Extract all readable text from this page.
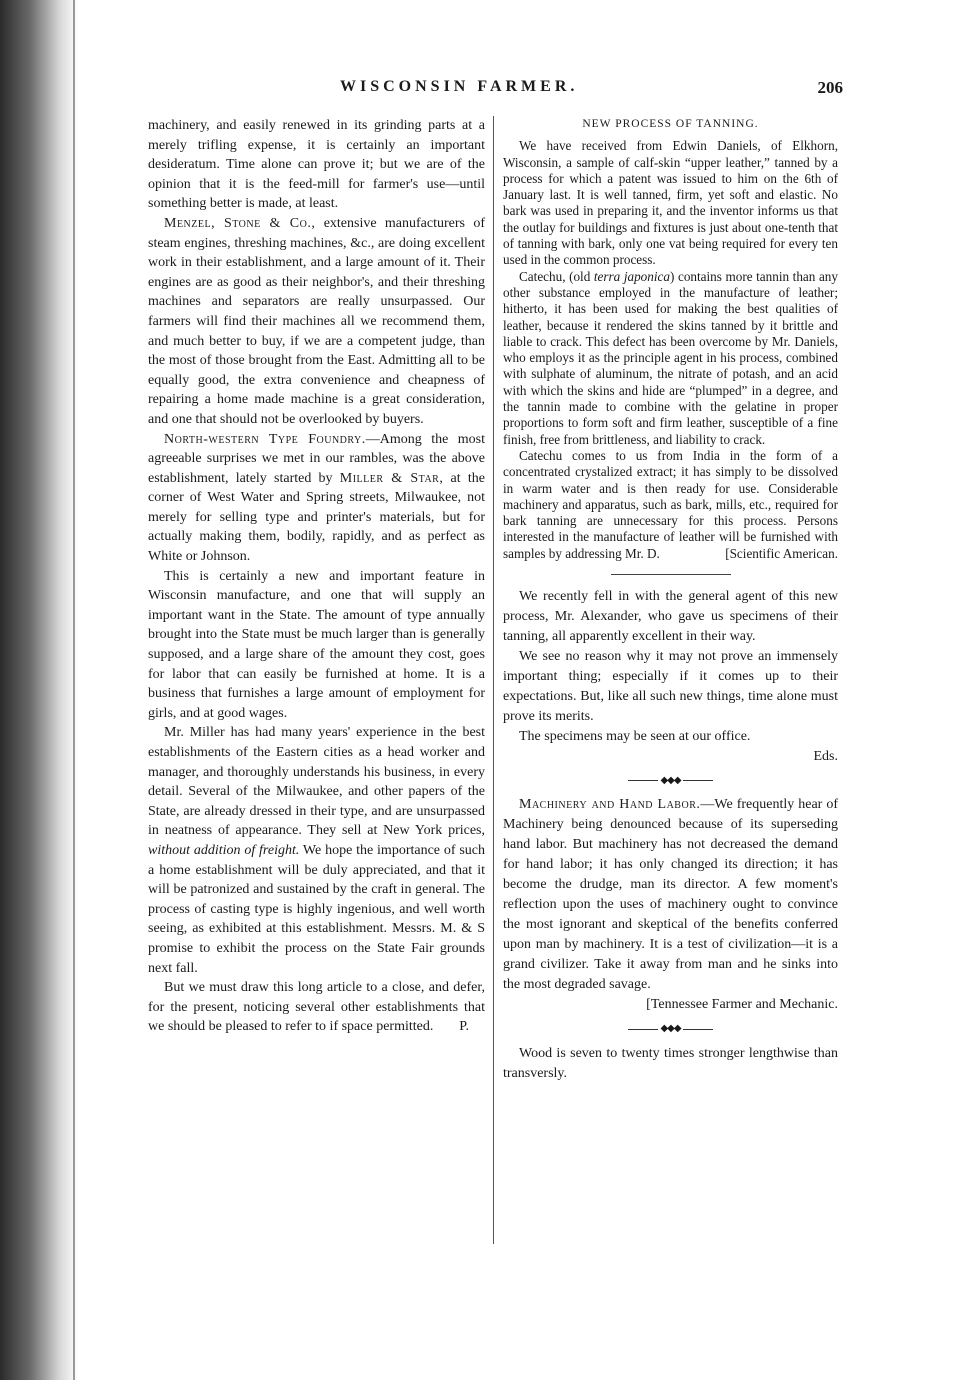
WISCONSIN FARMER.	206

machinery, and easily renewed in its grinding parts at a merely trifling expense, it is certainly an important desideratum. Time alone can prove it; but we are of the opinion that it is the feed-mill for farmer's use—until something better is made, at least.

Menzel, Stone & Co., extensive manufacturers of steam engines, threshing machines, &c., are doing excellent work in their establishment, and a large amount of it. Their engines are as good as their neighbor's, and their threshing machines and separators are really unsurpassed. Our farmers will find their machines all we recommend them, and much better to buy, if we are a competent judge, than the most of those brought from the East. Admitting all to be equally good, the extra convenience and cheapness of repairing a home made machine is a great consideration, and one that should not be overlooked by buyers.

North-western Type Foundry.—Among the most agreeable surprises we met in our rambles, was the above establishment, lately started by Miller & Star, at the corner of West Water and Spring streets, Milwaukee, not merely for selling type and printer's materials, but for actually making them, bodily, rapidly, and as perfect as White or Johnson.

This is certainly a new and important feature in Wisconsin manufacture, and one that will supply an important want in the State. The amount of type annually brought into the State must be much larger than is generally supposed, and a large share of the amount they cost, goes for labor that can easily be furnished at home. It is a business that furnishes a large amount of employment for girls, and at good wages.

Mr. Miller has had many years' experience in the best establishments of the Eastern cities as a head worker and manager, and thoroughly understands his business, in every detail. Several of the Milwaukee, and other papers of the State, are already dressed in their type, and are unsurpassed in neatness of appearance. They sell at New York prices, without addition of freight. We hope the importance of such a home establishment will be duly appreciated, and that it will be patronized and sustained by the craft in general. The process of casting type is highly ingenious, and well worth seeing, as exhibited at this establishment. Messrs. M. & S promise to exhibit the process on the State Fair grounds next fall.

But we must draw this long article to a close, and defer, for the present, noticing several other establishments that we should be pleased to refer to if space permitted.	P.

NEW PROCESS OF TANNING.

We have received from Edwin Daniels, of Elkhorn, Wisconsin, a sample of calf-skin “upper leather,” tanned by a process for which a patent was issued to him on the 6th of January last. It is well tanned, firm, yet soft and elastic. No bark was used in preparing it, and the inventor informs us that the outlay for buildings and fixtures is just about one-tenth that of tanning with bark, only one vat being required for every ten used in the common process.

Catechu, (old terra japonica) contains more tannin than any other substance employed in the manufacture of leather; hitherto, it has been used for making the best qualities of leather, because it rendered the skins tanned by it brittle and liable to crack. This defect has been overcome by Mr. Daniels, who employs it as the principle agent in his process, combined with sulphate of aluminum, the nitrate of potash, and an acid with which the skins and hide are “plumped” in a degree, and the tannin made to combine with the gelatine in proper proportions to form soft and firm leather, susceptible of a fine finish, free from brittleness, and liability to crack.

Catechu comes to us from India in the form of a concentrated crystalized extract; it has simply to be dissolved in warm water and is then ready for use. Considerable machinery and apparatus, such as bark, mills, etc., required for bark tanning are unnecessary for this process. Persons interested in the manufacture of leather will be furnished with samples by addressing Mr. D.	[Scientific American.

We recently fell in with the general agent of this new process, Mr. Alexander, who gave us specimens of their tanning, all apparently excellent in their way.

We see no reason why it may not prove an immensely important thing; especially if it comes up to their expectations. But, like all such new things, time alone must prove its merits.

The specimens may be seen at our office.

Eds.

◆◆◆

Machinery and Hand Labor.—We frequently hear of Machinery being denounced because of its superseding hand labor. But machinery has not decreased the demand for hand labor; it has only changed its direction; it has become the drudge, man its director. A few moment's reflection upon the uses of machinery ought to convince the most ignorant and skeptical of the benefits conferred upon man by machinery. It is a test of civilization—it is a grand civilizer. Take it away from man and he sinks into the most degraded savage.

[Tennessee Farmer and Mechanic.

◆◆◆

Wood is seven to twenty times stronger lengthwise than transversly.
